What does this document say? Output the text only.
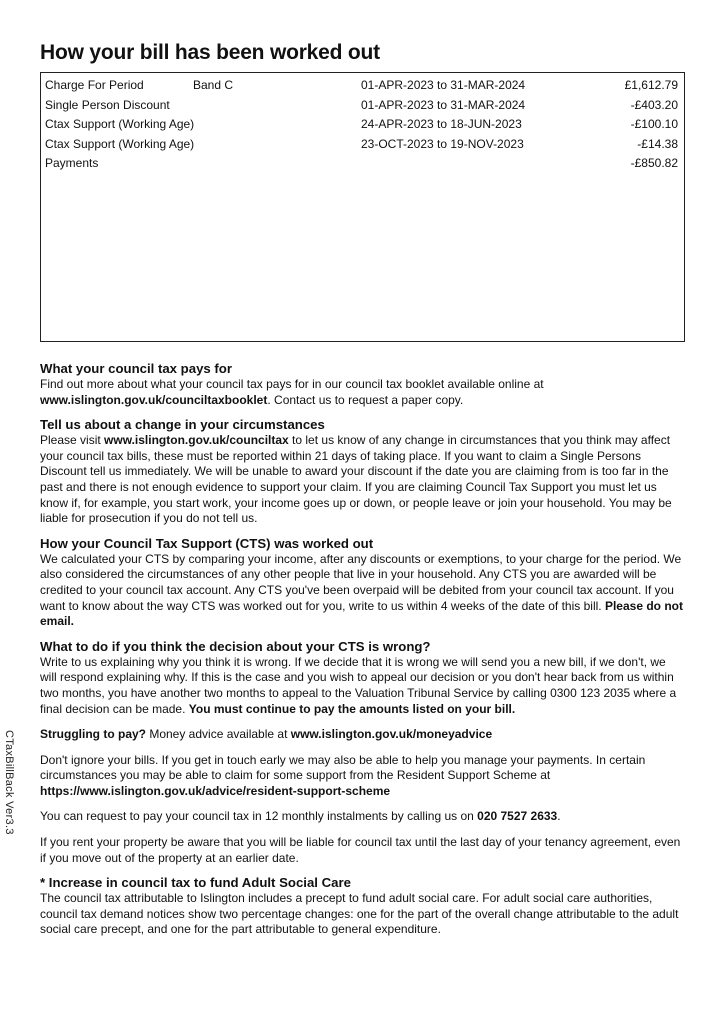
CTaxBillBack Ver3.3
How your bill has been worked out
Charge For Period	Band C	01-APR-2023 to 31-MAR-2024	£1,612.79
Single Person Discount	01-APR-2023 to 31-MAR-2024	-£403.20
Ctax Support (Working Age)	24-APR-2023 to 18-JUN-2023	-£100.10
Ctax Support (Working Age)	23-OCT-2023 to 19-NOV-2023	-£14.38
Payments	-£850.82
What your council tax pays for

Find out more about what your council tax pays for in our council tax booklet available online at
www.islington.gov.uk/counciltaxbooklet. Contact us to request a paper copy.

Tell us about a change in your circumstances

Please visit www.islington.gov.uk/counciltax to let us know of any change in circumstances that you think may affect your council tax bills, these must be reported within 21 days of taking place. If you want to claim a Single Persons Discount tell us immediately. We will be unable to award your discount if the date you are claiming from is too far in the past and there is not enough evidence to support your claim. If you are claiming Council Tax Support you must let us know if, for example, you start work, your income goes up or down, or people leave or join your household. You may be liable for prosecution if you do not tell us.

How your Council Tax Support (CTS) was worked out

We calculated your CTS by comparing your income, after any discounts or exemptions, to your charge for the period. We also considered the circumstances of any other people that live in your household. Any CTS you are awarded will be credited to your council tax account. Any CTS you've been overpaid will be debited from your council tax account. If you want to know about the way CTS was worked out for you, write to us within 4 weeks of the date of this bill. Please do not email.

What to do if you think the decision about your CTS is wrong?

Write to us explaining why you think it is wrong. If we decide that it is wrong we will send you a new bill, if we don't, we will respond explaining why. If this is the case and you wish to appeal our decision or you don't hear back from us within two months, you have another two months to appeal to the Valuation Tribunal Service by calling 0300 123 2035 where a final decision can be made. You must continue to pay the amounts listed on your bill.

Struggling to pay? Money advice available at www.islington.gov.uk/moneyadvice

Don't ignore your bills. If you get in touch early we may also be able to help you manage your payments. In certain circumstances you may be able to claim for some support from the Resident Support Scheme at https://www.islington.gov.uk/advice/resident-support-scheme

You can request to pay your council tax in 12 monthly instalments by calling us on 020 7527 2633.

If you rent your property be aware that you will be liable for council tax until the last day of your tenancy agreement, even if you move out of the property at an earlier date.

* Increase in council tax to fund Adult Social Care

The council tax attributable to Islington includes a precept to fund adult social care. For adult social care authorities, council tax demand notices show two percentage changes: one for the part of the overall change attributable to the adult social care precept, and one for the part attributable to general expenditure.
